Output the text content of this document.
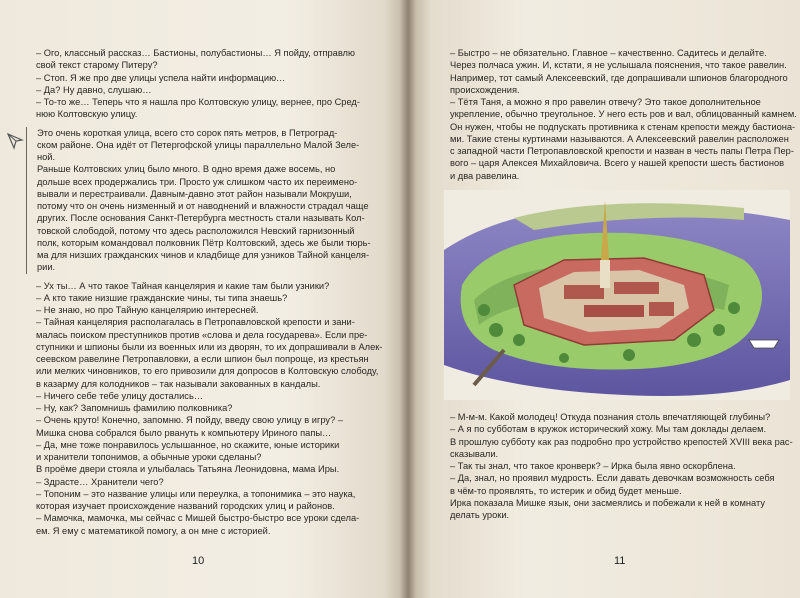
– Ого, классный рассказ… Бастионы, полубастионы… Я пойду, отправлю

свой текст старому Питеру?

– Стоп. Я же про две улицы успела найти информацию…

– Да? Ну давно, слушаю…

– То-то же… Теперь что я нашла про Колтовскую улицу, вернее, про Сред-

нюю Колтовскую улицу.

Это очень короткая улица, всего сто сорок пять метров, в Петроград-

ском районе. Она идёт от Петергофской улицы параллельно Малой Зеле-

ной.

Раньше Колтовских улиц было много. В одно время даже восемь, но

дольше всех продержались три. Просто уж слишком часто их переимено-

вывали и перестраивали. Давным-давно этот район называли Мокруши,

потому что он очень низменный и от наводнений и влажности страдал чаще

других. После основания Санкт-Петербурга местность стали называть Кол-

товской слободой, потому что здесь расположился Невский гарнизонный

полк, которым командовал полковник Пётр Колтовский, здесь же были тюрь-

ма для низших гражданских чинов и кладбище для узников Тайной канцеля-

рии.

– Ух ты… А что такое Тайная канцелярия и какие там были узники?

– А кто такие низшие гражданские чины, ты типа знаешь?

– Не знаю, но про Тайную канцелярию интересней.

– Тайная канцелярия располагалась в Петропавловской крепости и зани-

малась поиском преступников против «слова и дела государева». Если пре-

ступники и шпионы были из военных или из дворян, то их допрашивали в Алек-

сеевском равелине Петропавловки, а если шпион был попроще, из крестьян

или мелких чиновников, то его привозили для допросов в Колтовскую слободу,

в казарму для колодников – так называли закованных в кандалы.

– Ничего себе тебе улицу достались…

– Ну, как? Запомнишь фамилию полковника?

– Очень круто! Конечно, запомню. Я пойду, введу свою улицу в игру? –

Мишка снова собрался было рвануть к компьютеру Ириного папы…

– Да, мне тоже понравилось услышанное, но скажите, юные историки

и хранители топонимов, а обычные уроки сделаны?

В проёме двери стояла и улыбалась Татьяна Леонидовна, мама Иры.

– Здрасте… Хранители чего?

– Топоним – это название улицы или переулка, а топонимика – это наука,

которая изучает происхождение названий городских улиц и районов.

– Мамочка, мамочка, мы сейчас с Мишей быстро-быстро все уроки сдела-

ем. Я ему с математикой помогу, а он мне с историей.

10

– Быстро – не обязательно. Главное – качественно. Садитесь и делайте.

Через полчаса ужин. И, кстати, я не услышала пояснения, что такое равелин.

Например, тот самый Алексеевский, где допрашивали шпионов благородного

происхождения.

– Тётя Таня, а можно я про равелин отвечу? Это такое дополнительное

укрепление, обычно треугольное. У него есть ров и вал, облицованный камнем.

Он нужен, чтобы не подпускать противника к стенам крепости между бастиона-

ми. Такие стены куртинами называются. А Алексеевский равелин расположен

с западной части Петропавловской крепости и назван в честь папы Петра Пер-

вого – царя Алексея Михайловича. Всего у нашей крепости шесть бастионов

и два равелина.

– М-м-м. Какой молодец! Откуда познания столь впечатляющей глубины?

– А я по субботам в кружок исторический хожу. Мы там доклады делаем.

В прошлую субботу как раз подробно про устройство крепостей XVIII века рас-

сказывали.

– Так ты знал, что такое кронверк? – Ирка была явно оскорблена.

– Да, знал, но проявил мудрость. Если давать девочкам возможность себя

в чём-то проявлять, то истерик и обид будет меньше.

Ирка показала Мишке язык, они засмеялись и побежали к ней в комнату

делать уроки.

11
